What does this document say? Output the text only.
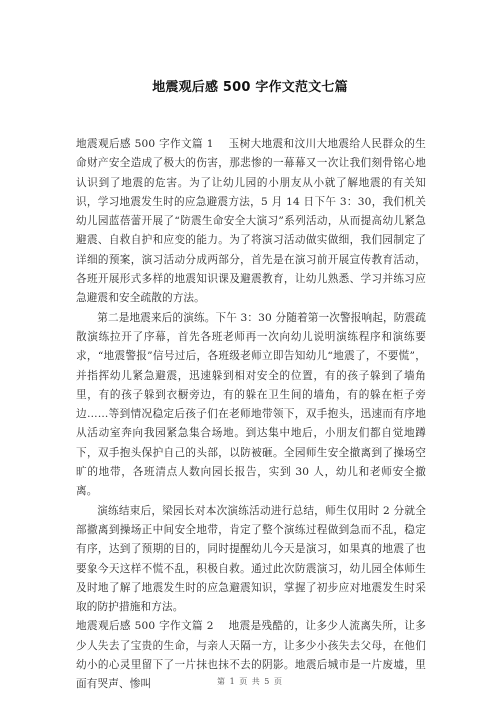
地震观后感 500 字作文范文七篇

地震观后感 500 字作文篇 1　 玉树大地震和汶川大地震给人民群众的生命财产安全造成了极大的伤害，那悲惨的一幕幕又一次让我们刻骨铭心地认识到了地震的危害。为了让幼儿园的小朋友从小就了解地震的有关知识，学习地震发生时的应急避震方法，5 月 14 日下午 3：30，我们机关幼儿园蓝蓓蕾开展了“防震生命安全大演习”系列活动，从而提高幼儿紧急避震、自救自护和应变的能力。为了将演习活动做实做细，我们园制定了详细的预案，演习活动分成两部分，首先是在演习前开展宣传教育活动，各班开展形式多样的地震知识课及避震教育，让幼儿熟悉、学习并练习应急避震和安全疏散的方法。

第二是地震来后的演练。下午 3：30 分随着第一次警报响起，防震疏散演练拉开了序幕，首先各班老师再一次向幼儿说明演练程序和演练要求，“地震警报”信号过后，各班级老师立即告知幼儿“地震了，不要慌”，并指挥幼儿紧急避震，迅速躲到相对安全的位置，有的孩子躲到了墙角里，有的孩子躲到衣橱旁边，有的躲在卫生间的墙角，有的躲在柜子旁边……等到情况稳定后孩子们在老师地带领下，双手抱头，迅速而有序地从活动室奔向我园紧急集合场地。到达集中地后，小朋友们都自觉地蹲下，双手抱头保护自己的头部，以防被砸。全园师生安全撤离到了操场空旷的地带，各班清点人数向园长报告，实到 30 人，幼儿和老师安全撤离。

演练结束后，梁园长对本次演练活动进行总结，师生仅用时 2 分就全部撤离到操场正中间安全地带，肯定了整个演练过程做到急而不乱，稳定有序，达到了预期的目的，同时提醒幼儿今天是演习，如果真的地震了也要象今天这样不慌不乱，积极自救。通过此次防震演习，幼儿园全体师生及时地了解了地震发生时的应急避震知识，掌握了初步应对地震发生时采取的防护措施和方法。

地震观后感 500 字作文篇 2　 地震是残酷的，让多少人流离失所，让多少人失去了宝贵的生命，与亲人天隔一方，让多少小孩失去父母，在他们幼小的心灵里留下了一片抹也抹不去的阴影。地震后城市是一片废墟，里面有哭声、惨叫	第 1 页 共 5 页
